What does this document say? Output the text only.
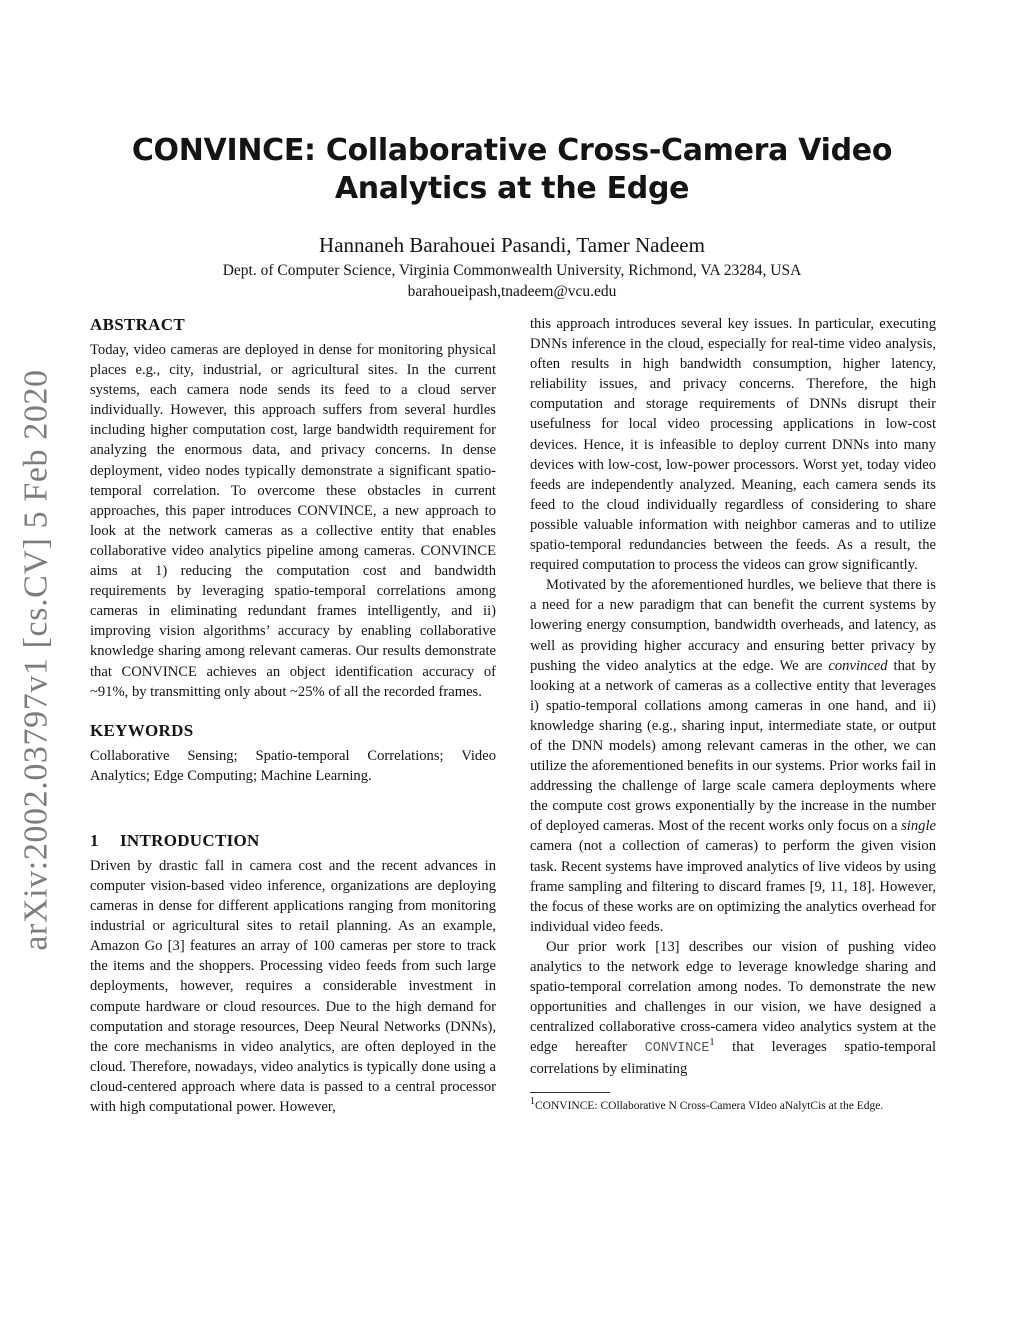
arXiv:2002.03797v1 [cs.CV] 5 Feb 2020
CONVINCE: Collaborative Cross-Camera Video Analytics at the Edge
Hannaneh Barahouei Pasandi, Tamer Nadeem
Dept. of Computer Science, Virginia Commonwealth University, Richmond, VA 23284, USA
barahoueipash,tnadeem@vcu.edu
ABSTRACT

Today, video cameras are deployed in dense for monitoring physical places e.g., city, industrial, or agricultural sites. In the current systems, each camera node sends its feed to a cloud server individually. However, this approach suffers from several hurdles including higher computation cost, large bandwidth requirement for analyzing the enormous data, and privacy concerns. In dense deployment, video nodes typically demonstrate a significant spatio-temporal correlation. To overcome these obstacles in current approaches, this paper introduces CONVINCE, a new approach to look at the network cameras as a collective entity that enables collaborative video analytics pipeline among cameras. CONVINCE aims at 1) reducing the computation cost and bandwidth requirements by leveraging spatio-temporal correlations among cameras in eliminating redundant frames intelligently, and ii) improving vision algorithms’ accuracy by enabling collaborative knowledge sharing among relevant cameras. Our results demonstrate that CONVINCE achieves an object identification accuracy of ~91%, by transmitting only about ~25% of all the recorded frames.

KEYWORDS

Collaborative Sensing; Spatio-temporal Correlations; Video Analytics; Edge Computing; Machine Learning.

1 INTRODUCTION

Driven by drastic fall in camera cost and the recent advances in computer vision-based video inference, organizations are deploying cameras in dense for different applications ranging from monitoring industrial or agricultural sites to retail planning. As an example, Amazon Go [3] features an array of 100 cameras per store to track the items and the shoppers. Processing video feeds from such large deployments, however, requires a considerable investment in compute hardware or cloud resources. Due to the high demand for computation and storage resources, Deep Neural Networks (DNNs), the core mechanisms in video analytics, are often deployed in the cloud. Therefore, nowadays, video analytics is typically done using a cloud-centered approach where data is passed to a central processor with high computational power. However,

this approach introduces several key issues. In particular, executing DNNs inference in the cloud, especially for real-time video analysis, often results in high bandwidth consumption, higher latency, reliability issues, and privacy concerns. Therefore, the high computation and storage requirements of DNNs disrupt their usefulness for local video processing applications in low-cost devices. Hence, it is infeasible to deploy current DNNs into many devices with low-cost, low-power processors. Worst yet, today video feeds are independently analyzed. Meaning, each camera sends its feed to the cloud individually regardless of considering to share possible valuable information with neighbor cameras and to utilize spatio-temporal redundancies between the feeds. As a result, the required computation to process the videos can grow significantly.

Motivated by the aforementioned hurdles, we believe that there is a need for a new paradigm that can benefit the current systems by lowering energy consumption, bandwidth overheads, and latency, as well as providing higher accuracy and ensuring better privacy by pushing the video analytics at the edge. We are convinced that by looking at a network of cameras as a collective entity that leverages i) spatio-temporal collations among cameras in one hand, and ii) knowledge sharing (e.g., sharing input, intermediate state, or output of the DNN models) among relevant cameras in the other, we can utilize the aforementioned benefits in our systems. Prior works fail in addressing the challenge of large scale camera deployments where the compute cost grows exponentially by the increase in the number of deployed cameras. Most of the recent works only focus on a single camera (not a collection of cameras) to perform the given vision task. Recent systems have improved analytics of live videos by using frame sampling and filtering to discard frames [9, 11, 18]. However, the focus of these works are on optimizing the analytics overhead for individual video feeds.

Our prior work [13] describes our vision of pushing video analytics to the network edge to leverage knowledge sharing and spatio-temporal correlation among nodes. To demonstrate the new opportunities and challenges in our vision, we have designed a centralized collaborative cross-camera video analytics system at the edge hereafter CONVINCE$^1$ that leverages spatio-temporal correlations by eliminating

$^1$CONVINCE: COllaborative N Cross-Camera VIdeo aNalytCis at the Edge.
